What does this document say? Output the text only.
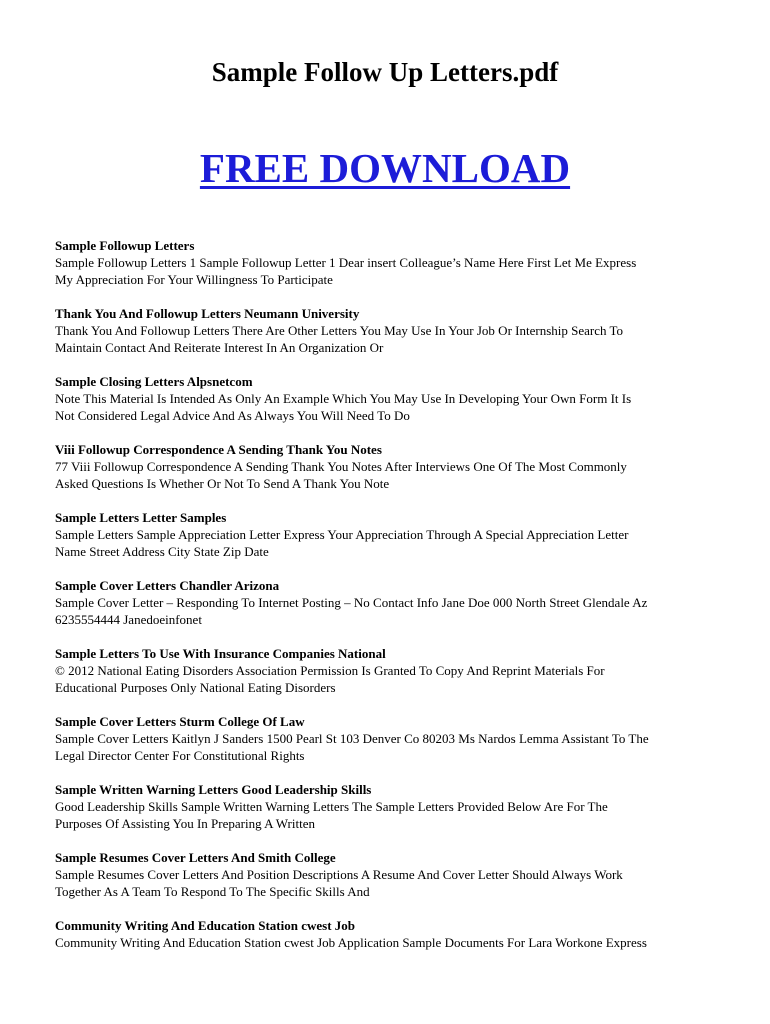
Sample Follow Up Letters.pdf
FREE DOWNLOAD
Sample Followup Letters
Sample Followup Letters 1 Sample Followup Letter 1 Dear insert Colleague’s Name Here First Let Me Express
My Appreciation For Your Willingness To Participate
Thank You And Followup Letters Neumann University
Thank You And Followup Letters There Are Other Letters You May Use In Your Job Or Internship Search To
Maintain Contact And Reiterate Interest In An Organization Or
Sample Closing Letters Alpsnetcom
Note This Material Is Intended As Only An Example Which You May Use In Developing Your Own Form It Is
Not Considered Legal Advice And As Always You Will Need To Do
Viii Followup Correspondence A Sending Thank You Notes
77 Viii Followup Correspondence A Sending Thank You Notes After Interviews One Of The Most Commonly
Asked Questions Is Whether Or Not To Send A Thank You Note
Sample Letters Letter Samples
Sample Letters Sample Appreciation Letter Express Your Appreciation Through A Special Appreciation Letter
Name Street Address City State Zip Date
Sample Cover Letters Chandler Arizona
Sample Cover Letter – Responding To Internet Posting – No Contact Info Jane Doe 000 North Street Glendale Az
6235554444 Janedoeinfonet
Sample Letters To Use With Insurance Companies National
© 2012 National Eating Disorders Association Permission Is Granted To Copy And Reprint Materials For
Educational Purposes Only National Eating Disorders
Sample Cover Letters Sturm College Of Law
Sample Cover Letters Kaitlyn J Sanders 1500 Pearl St 103 Denver Co 80203 Ms Nardos Lemma Assistant To The
Legal Director Center For Constitutional Rights
Sample Written Warning Letters Good Leadership Skills
Good Leadership Skills Sample Written Warning Letters The Sample Letters Provided Below Are For The
Purposes Of Assisting You In Preparing A Written
Sample Resumes Cover Letters And Smith College
Sample Resumes Cover Letters And Position Descriptions A Resume And Cover Letter Should Always Work
Together As A Team To Respond To The Specific Skills And
Community Writing And Education Station cwest Job
Community Writing And Education Station cwest Job Application Sample Documents For Lara Workone Express
